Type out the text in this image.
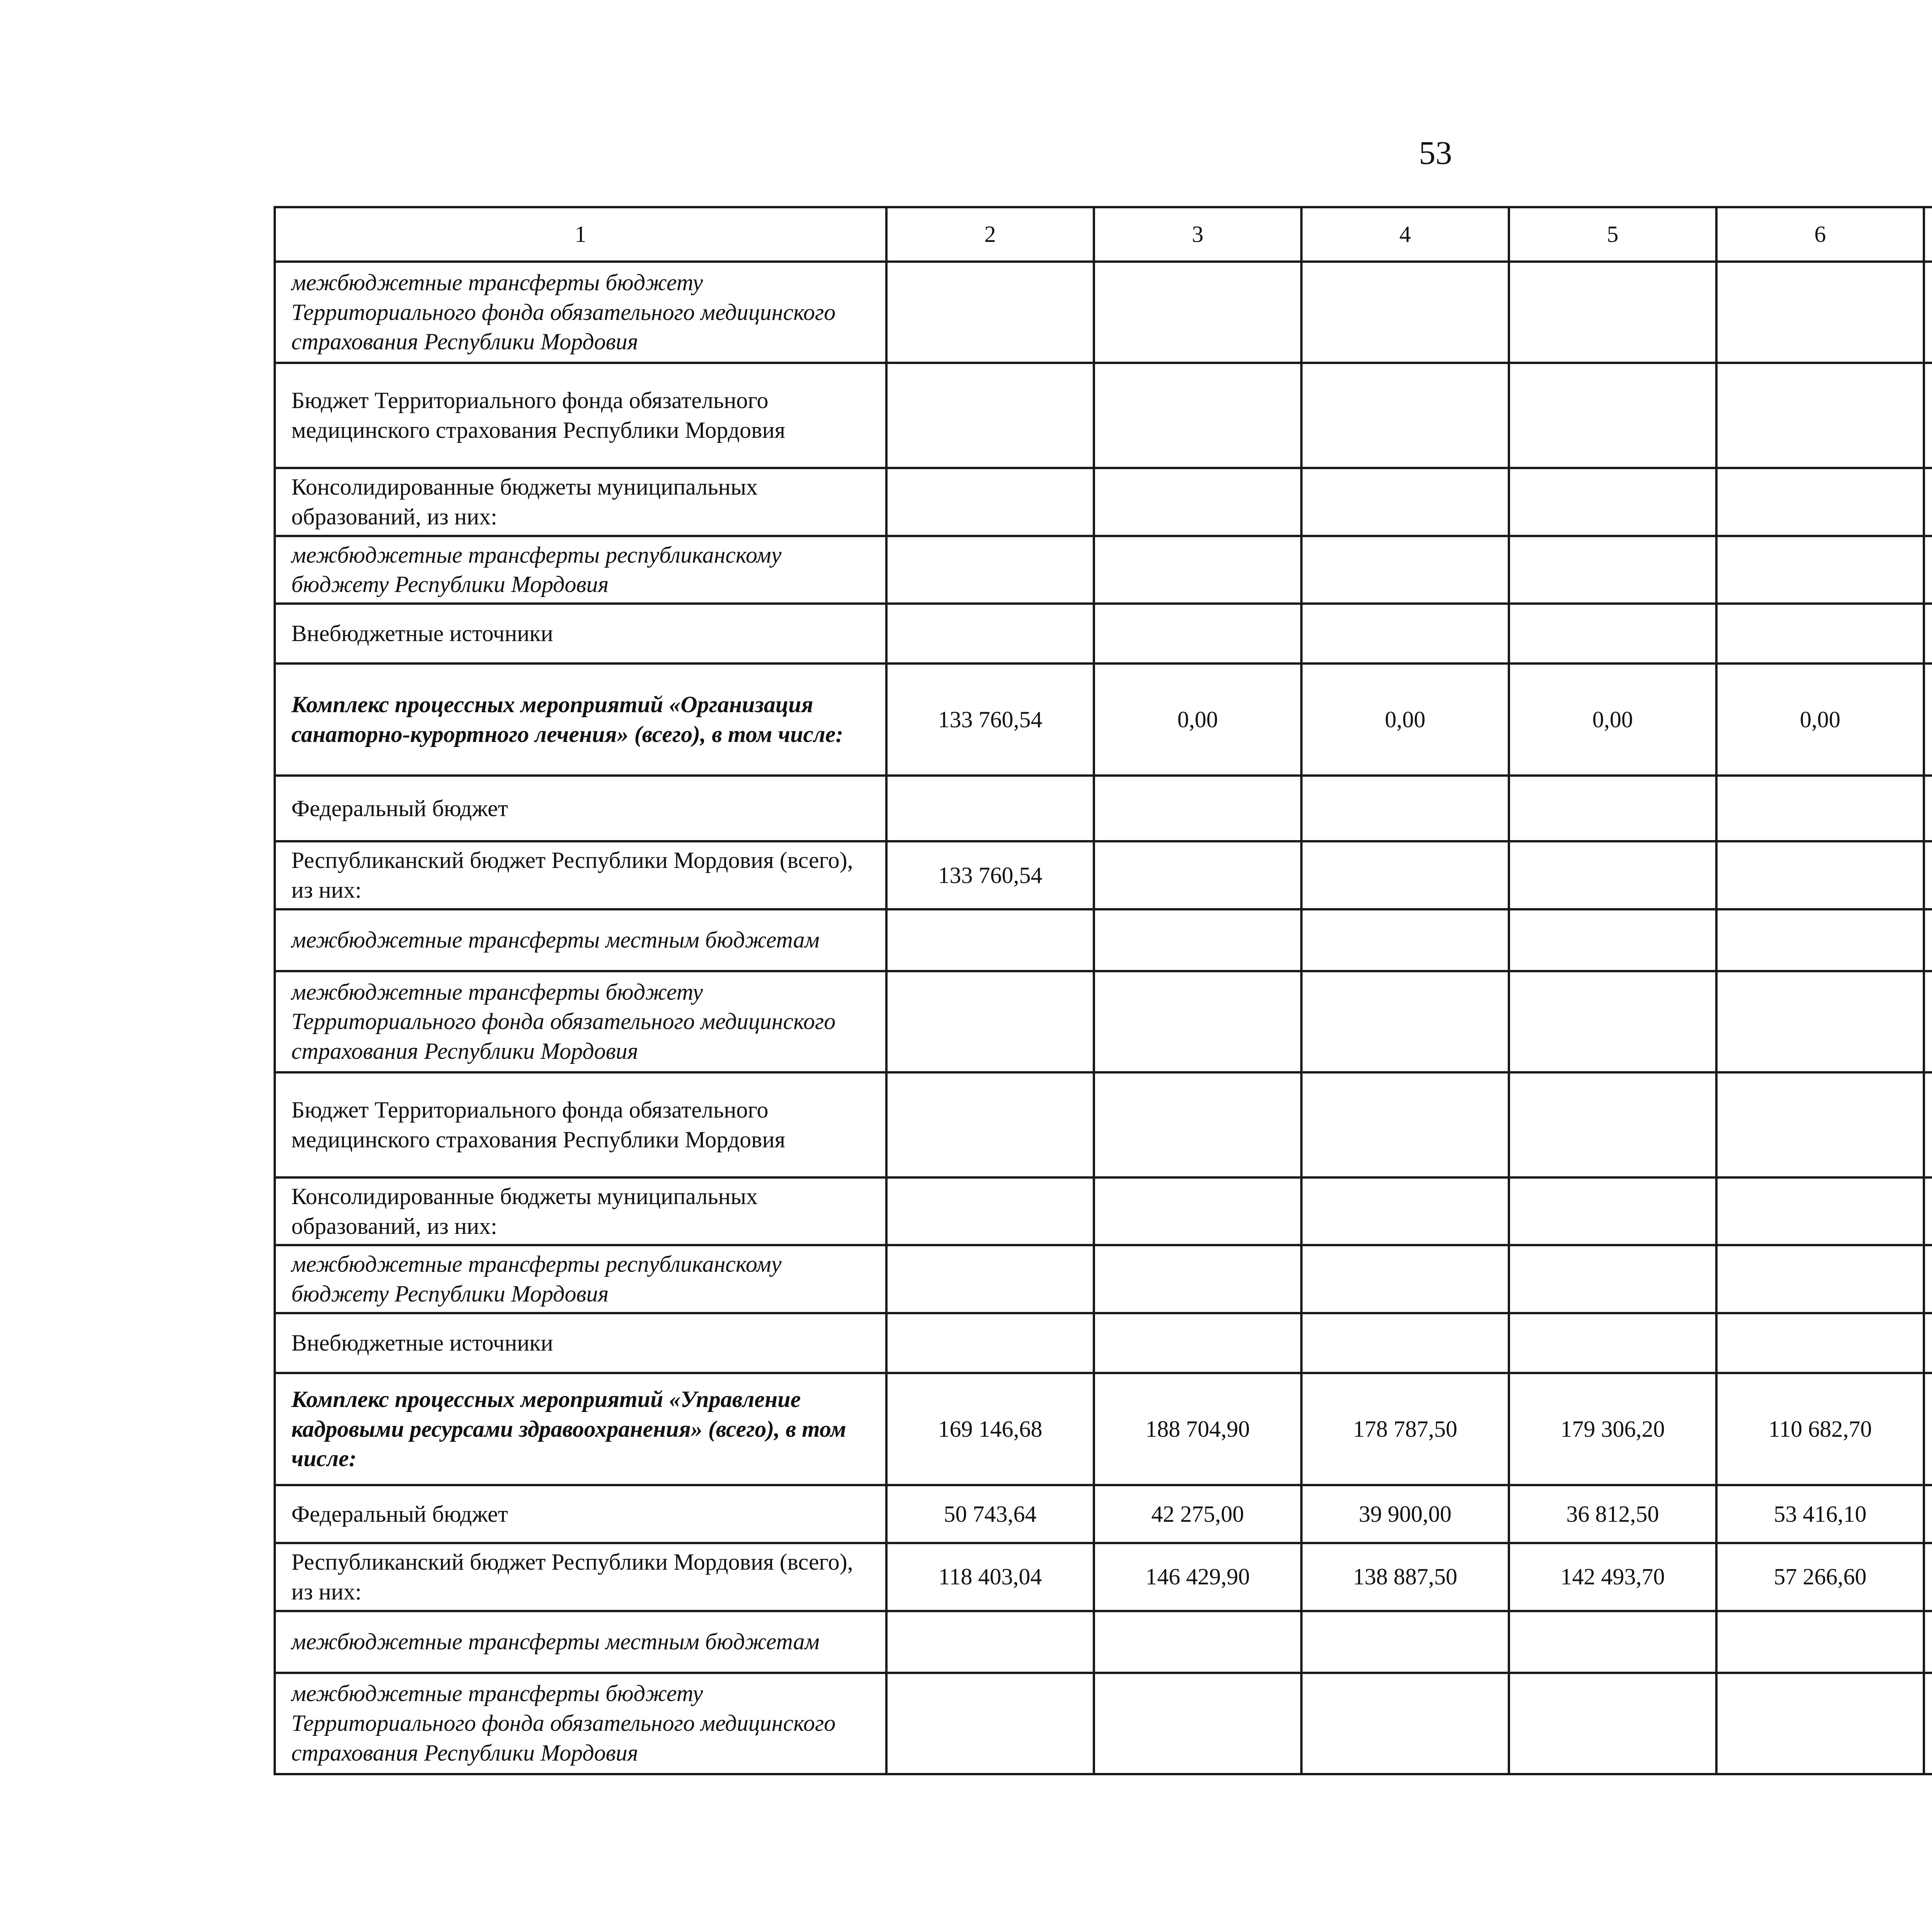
53
1	2	3	4	5	6			
межбюджетные трансферты бюджету Территориального фонда обязательного медицинского страхования Республики Мордовия								
Бюджет Территориального фонда обязательного медицинского страхования Республики Мордовия								
Консолидированные бюджеты муниципальных образований, из них:								
межбюджетные трансферты республиканскому бюджету Республики Мордовия								
Внебюджетные источники								
Комплекс процессных мероприятий «Организация санаторно-курортного лечения» (всего), в том числе:	133 760,54	0,00	0,00	0,00	0,00			
Федеральный бюджет								
Республиканский бюджет Республики Мордовия (всего), из них:	133 760,54							
межбюджетные трансферты местным бюджетам								
межбюджетные трансферты бюджету Территориального фонда обязательного медицинского страхования Республики Мордовия								
Бюджет Территориального фонда обязательного медицинского страхования Республики Мордовия								
Консолидированные бюджеты муниципальных образований, из них:								
межбюджетные трансферты республиканскому бюджету Республики Мордовия								
Внебюджетные источники								
Комплекс процессных мероприятий «Управление кадровыми ресурсами здравоохранения» (всего), в том числе:	169 146,68	188 704,90	178 787,50	179 306,20	110 682,70			
Федеральный бюджет	50 743,64	42 275,00	39 900,00	36 812,50	53 416,10			
Республиканский бюджет Республики Мордовия (всего), из них:	118 403,04	146 429,90	138 887,50	142 493,70	57 266,60			
межбюджетные трансферты местным бюджетам								
межбюджетные трансферты бюджету Территориального фонда обязательного медицинского страхования Республики Мордовия								
